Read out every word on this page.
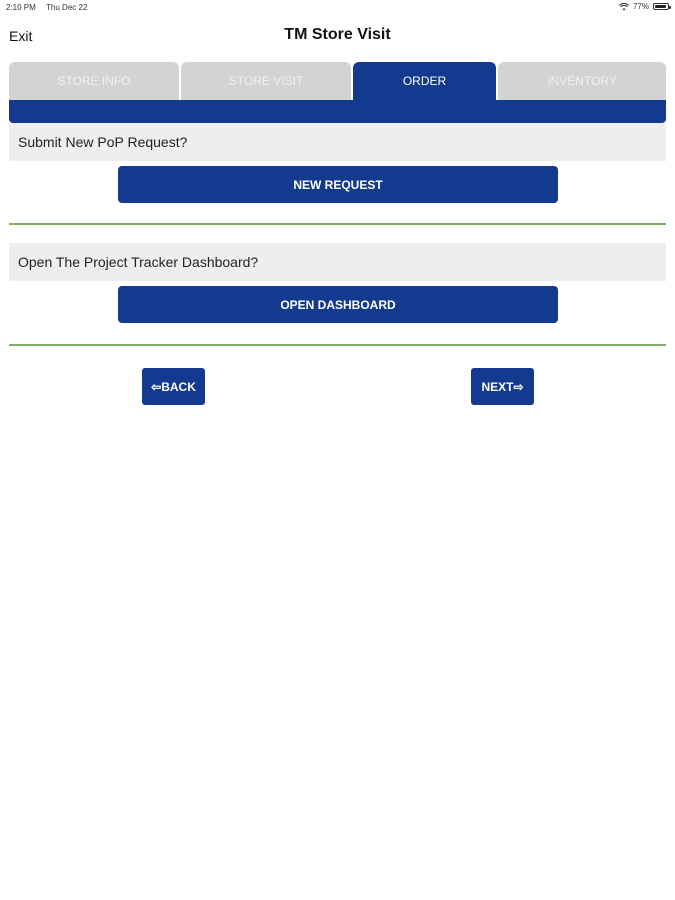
2:10 PM Thu Dec 22	77%
Exit	TM Store Visit
STORE INFO	STORE VISIT	ORDER	INVENTORY
Submit New PoP Request?
NEW REQUEST
Open The Project Tracker Dashboard?
OPEN DASHBOARD
⇦BACK	NEXT⇨
